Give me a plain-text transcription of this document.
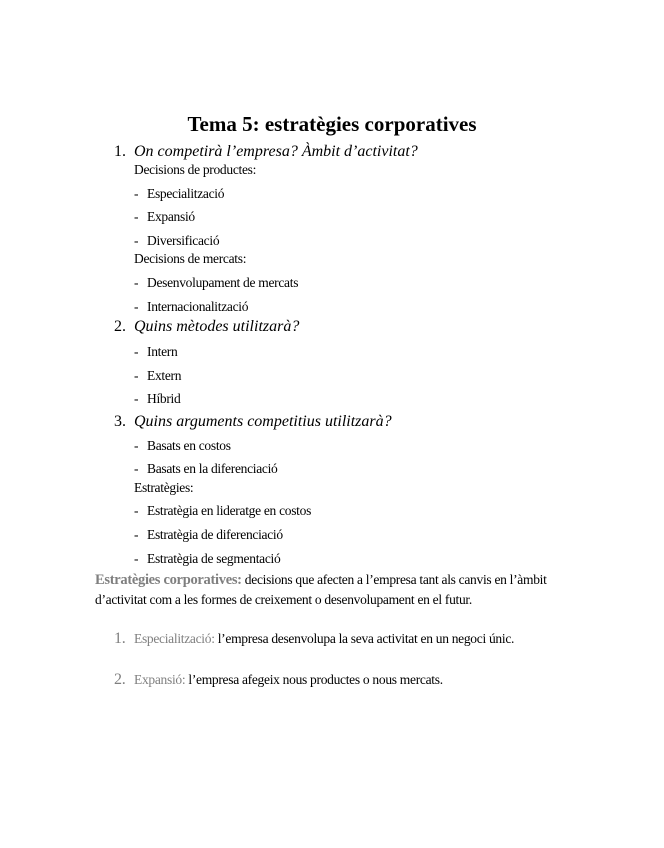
Tema 5: estratègies corporatives
1. On competirà l’empresa? Àmbit d’activitat?
Decisions de productes:
- Especialització
- Expansió
- Diversificació
Decisions de mercats:
- Desenvolupament de mercats
- Internacionalització
2. Quins mètodes utilitzarà?
- Intern
- Extern
- Híbrid
3. Quins arguments competitius utilitzarà?
- Basats en costos
- Basats en la diferenciació
Estratègies:
- Estratègia en lideratge en costos
- Estratègia de diferenciació
- Estratègia de segmentació
Estratègies corporatives: decisions que afecten a l’empresa tant als canvis en l’àmbit d’activitat com a les formes de creixement o desenvolupament en el futur.
1. Especialització: l’empresa desenvolupa la seva activitat en un negoci únic.
2. Expansió: l’empresa afegeix nous productes o nous mercats.
